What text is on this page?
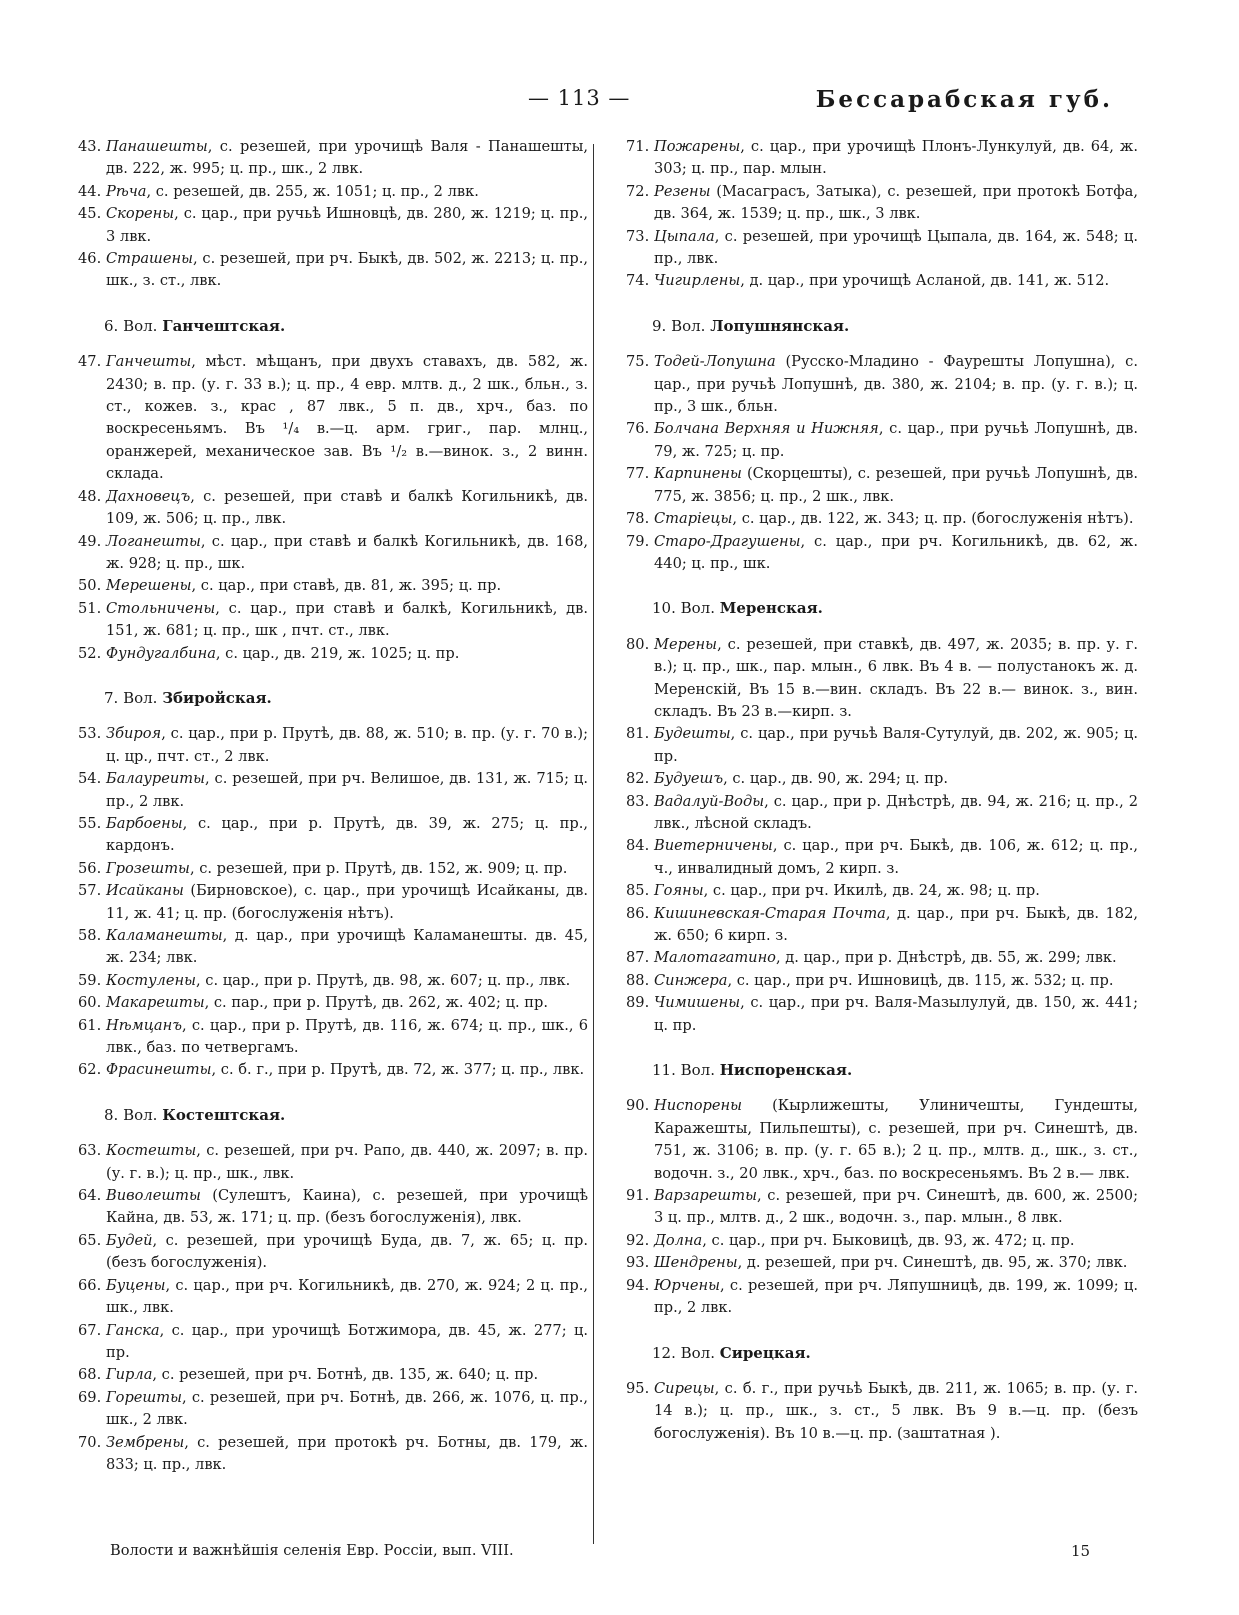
— 113 —	Бессарабская губ.

43. Панашешты, с. резешей, при урочищѣ Валя - Панашешты, дв. 222, ж. 995; ц. пр., шк., 2 лвк.

44. Рѣча, с. резешей, дв. 255, ж. 1051; ц. пр., 2 лвк.

45. Скорены, с. цар., при ручьѣ Ишновцѣ, дв. 280, ж. 1219; ц. пр., 3 лвк.

46. Страшены, с. резешей, при рч. Быкѣ, дв. 502, ж. 2213; ц. пр., шк., з. ст., лвк.

6. Вол. Ганчештская.

47. Ганчешты, мѣст. мѣщанъ, при двухъ ставахъ, дв. 582, ж. 2430; в. пр. (у. г. 33 в.); ц. пр., 4 евр. млтв. д., 2 шк., бльн., з. ст., кожев. з., крас , 87 лвк., 5 п. дв., хрч., баз. по воскресеньямъ. Въ ¹/₄ в.—ц. арм. григ., пар. млнц., оранжерей, механическое зав. Въ ¹/₂ в.—винок. з., 2 винн. склада.

48. Дахновецъ, с. резешей, при ставѣ и балкѣ Когильникѣ, дв. 109, ж. 506; ц. пр., лвк.

49. Логанешты, с. цар., при ставѣ и балкѣ Когильникѣ, дв. 168, ж. 928; ц. пр., шк.

50. Мерешены, с. цар., при ставѣ, дв. 81, ж. 395; ц. пр.

51. Стольничены, с. цар., при ставѣ и балкѣ, Когильникѣ, дв. 151, ж. 681; ц. пр., шк , пчт. ст., лвк.

52. Фундугалбина, с. цар., дв. 219, ж. 1025; ц. пр.

7. Вол. Збиройская.

53. Збироя, с. цар., при р. Прутѣ, дв. 88, ж. 510; в. пр. (у. г. 70 в.); ц. цр., пчт. ст., 2 лвк.

54. Балауреиты, с. резешей, при рч. Велишое, дв. 131, ж. 715; ц. пр., 2 лвк.

55. Барбоены, с. цар., при р. Прутѣ, дв. 39, ж. 275; ц. пр., кардонъ.

56. Грозешты, с. резешей, при р. Прутѣ, дв. 152, ж. 909; ц. пр.

57. Исайканы (Бирновское), с. цар., при урочищѣ Исайканы, дв. 11, ж. 41; ц. пр. (богослуженія нѣтъ).

58. Каламанешты, д. цар., при урочищѣ Каламанешты. дв. 45, ж. 234; лвк.

59. Костулены, с. цар., при р. Прутѣ, дв. 98, ж. 607; ц. пр., лвк.

60. Макарешты, с. пар., при р. Прутѣ, дв. 262, ж. 402; ц. пр.

61. Нѣмцанъ, с. цар., при р. Прутѣ, дв. 116, ж. 674; ц. пр., шк., 6 лвк., баз. по четвергамъ.

62. Фрасинешты, с. б. г., при р. Прутѣ, дв. 72, ж. 377; ц. пр., лвк.

8. Вол. Костештская.

63. Костешты, с. резешей, при рч. Рапо, дв. 440, ж. 2097; в. пр. (у. г. в.); ц. пр., шк., лвк.

64. Виволешты (Сулештъ, Каина), с. резешей, при урочищѣ Кайна, дв. 53, ж. 171; ц. пр. (безъ богослуженія), лвк.

65. Будей, с. резешей, при урочищѣ Буда, дв. 7, ж. 65; ц. пр. (безъ богослуженія).

66. Буцены, с. цар., при рч. Когильникѣ, дв. 270, ж. 924; 2 ц. пр., шк., лвк.

67. Ганска, с. цар., при урочищѣ Ботжимора, дв. 45, ж. 277; ц. пр.

68. Гирла, с. резешей, при рч. Ботнѣ, дв. 135, ж. 640; ц. пр.

69. Горешты, с. резешей, при рч. Ботнѣ, дв. 266, ж. 1076, ц. пр., шк., 2 лвк.

70. Зембрены, с. резешей, при протокѣ рч. Ботны, дв. 179, ж. 833; ц. пр., лвк.

71. Пожарены, с. цар., при урочищѣ Плонъ-Лункулуй, дв. 64, ж. 303; ц. пр., пар. млын.

72. Резены (Масаграсъ, Затыка), с. резешей, при протокѣ Ботфа, дв. 364, ж. 1539; ц. пр., шк., 3 лвк.

73. Цыпала, с. резешей, при урочищѣ Цыпала, дв. 164, ж. 548; ц. пр., лвк.

74. Чигирлены, д. цар., при урочищѣ Асланой, дв. 141, ж. 512.

9. Вол. Лопушнянская.

75. Тодей-Лопушна (Русско-Младино - Фаурешты Лопушна), с. цар., при ручьѣ Лопушнѣ, дв. 380, ж. 2104; в. пр. (у. г. в.); ц. пр., 3 шк., бльн.

76. Болчана Верхняя и Нижняя, с. цар., при ручьѣ Лопушнѣ, дв. 79, ж. 725; ц. пр.

77. Карпинены (Скорцешты), с. резешей, при ручьѣ Лопушнѣ, дв. 775, ж. 3856; ц. пр., 2 шк., лвк.

78. Старіецы, с. цар., дв. 122, ж. 343; ц. пр. (богослуженія нѣтъ).

79. Старо-Драгушены, с. цар., при рч. Когильникѣ, дв. 62, ж. 440; ц. пр., шк.

10. Вол. Меренская.

80. Мерены, с. резешей, при ставкѣ, дв. 497, ж. 2035; в. пр. у. г. в.); ц. пр., шк., пар. млын., 6 лвк. Въ 4 в. — полустанокъ ж. д. Меренскій, Въ 15 в.—вин. складъ. Въ 22 в.— винок. з., вин. складъ. Въ 23 в.—кирп. з.

81. Будешты, с. цар., при ручьѣ Валя-Сутулуй, дв. 202, ж. 905; ц. пр.

82. Будуешъ, с. цар., дв. 90, ж. 294; ц. пр.

83. Вадалуй-Воды, с. цар., при р. Днѣстрѣ, дв. 94, ж. 216; ц. пр., 2 лвк., лѣсной складъ.

84. Виетерничены, с. цар., при рч. Быкѣ, дв. 106, ж. 612; ц. пр., ч., инвалидный домъ, 2 кирп. з.

85. Гояны, с. цар., при рч. Икилѣ, дв. 24, ж. 98; ц. пр.

86. Кишиневская-Старая Почта, д. цар., при рч. Быкѣ, дв. 182, ж. 650; 6 кирп. з.

87. Малотагатино, д. цар., при р. Днѣстрѣ, дв. 55, ж. 299; лвк.

88. Синжера, с. цар., при рч. Ишновицѣ, дв. 115, ж. 532; ц. пр.

89. Чимишены, с. цар., при рч. Валя-Мазылулуй, дв. 150, ж. 441; ц. пр.

11. Вол. Ниспоренская.

90. Ниспорены (Кырлижешты, Улиничешты, Гундешты, Каражешты, Пильпешты), с. резешей, при рч. Синештѣ, дв. 751, ж. 3106; в. пр. (у. г. 65 в.); 2 ц. пр., млтв. д., шк., з. ст., водочн. з., 20 лвк., хрч., баз. по воскресеньямъ. Въ 2 в.— лвк.

91. Варзарешты, с. резешей, при рч. Синештѣ, дв. 600, ж. 2500; 3 ц. пр., млтв. д., 2 шк., водочн. з., пар. млын., 8 лвк.

92. Долна, с. цар., при рч. Быковицѣ, дв. 93, ж. 472; ц. пр.

93. Шендрены, д. резешей, при рч. Синештѣ, дв. 95, ж. 370; лвк.

94. Юрчены, с. резешей, при рч. Ляпушницѣ, дв. 199, ж. 1099; ц. пр., 2 лвк.

12. Вол. Сирецкая.

95. Сирецы, с. б. г., при ручьѣ Быкѣ, дв. 211, ж. 1065; в. пр. (у. г. 14 в.); ц. пр., шк., з. ст., 5 лвк. Въ 9 в.—ц. пр. (безъ богослуженія). Въ 10 в.—ц. пр. (заштатная ).

Волости и важнѣйшія селенія Евр. Россіи, вып. VIII.	15
